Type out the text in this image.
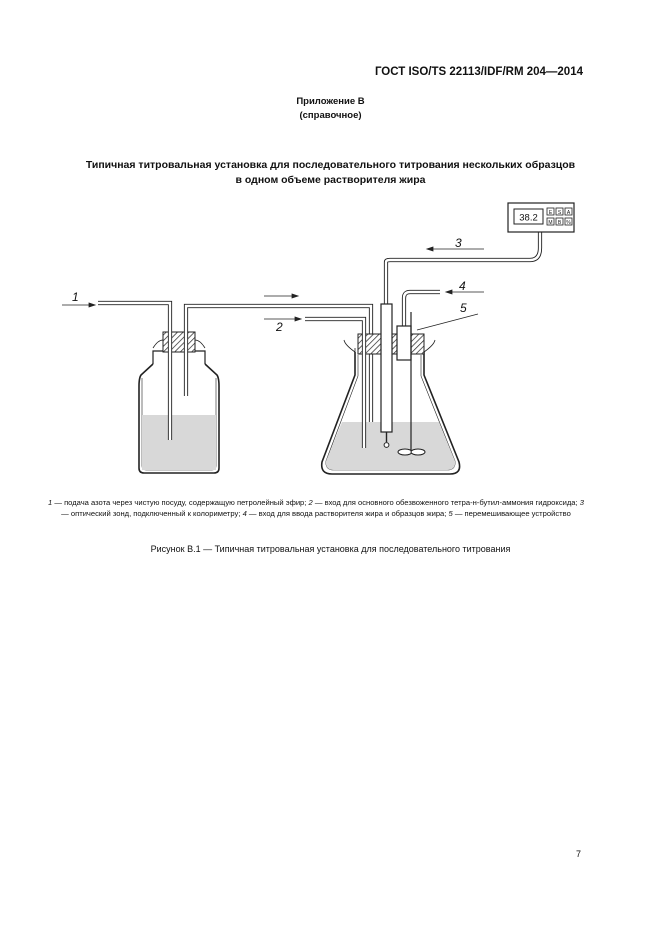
ГОСТ ISO/TS 22113/IDF/RM 204—2014
Приложение В
(справочное)
Типичная титровальная установка для последовательного титрования нескольких образцов
в одном объеме растворителя жира
38.2 E S A
M B %
1
2
3
4
5
1 — подача азота через чистую посуду, содержащую петролейный эфир; 2 — вход для основного обезвоженного тетра-н-бутил-аммония гидроксида; 3 — оптический зонд, подключенный к колориметру; 4 — вход для ввода растворителя жира и образцов жира; 5 — перемешивающее устройство
Рисунок В.1 — Типичная титровальная установка для последовательного титрования
7
